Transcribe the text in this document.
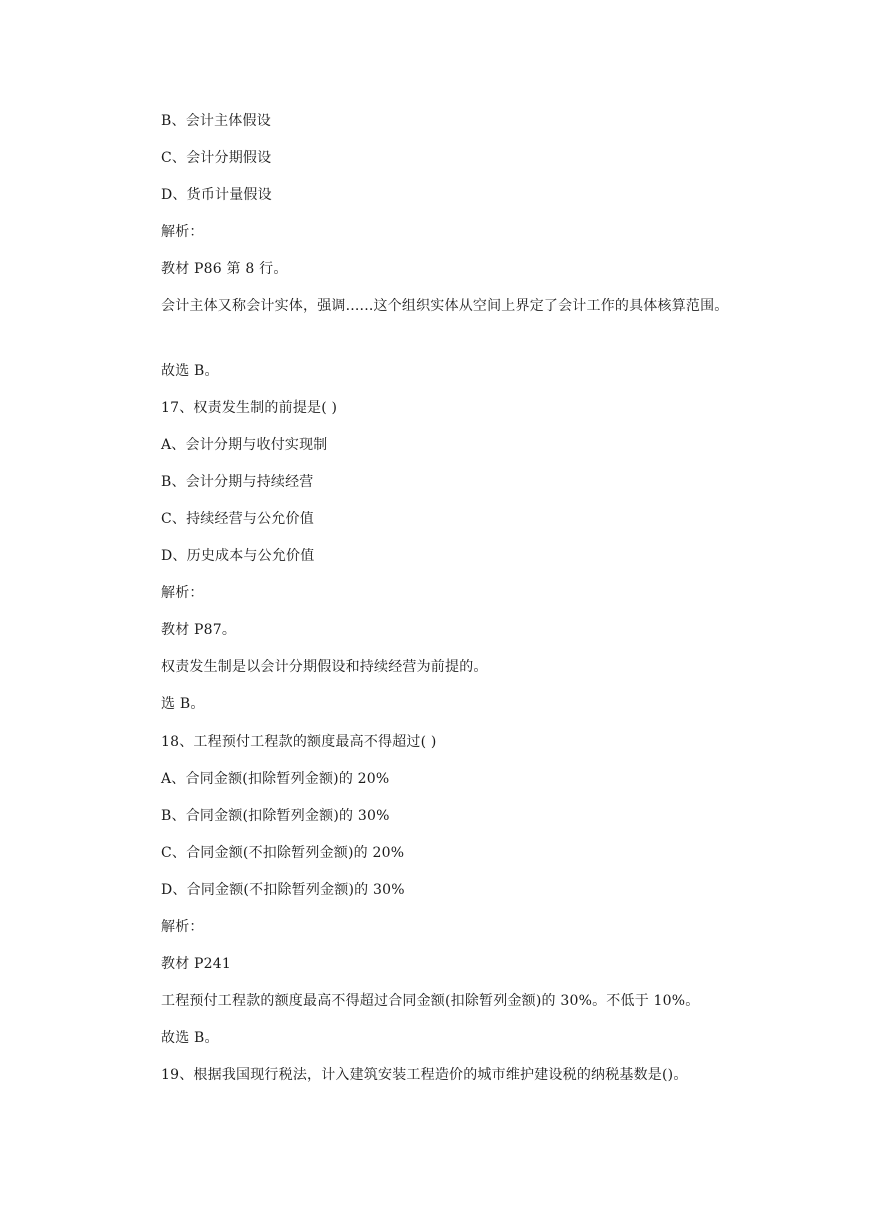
B、会计主体假设
C、会计分期假设
D、货币计量假设
解析：
教材 P86 第 8 行。
会计主体又称会计实体，强调......这个组织实体从空间上界定了会计工作的具体核算范围。
故选 B。
17、权责发生制的前提是( )
A、会计分期与收付实现制
B、会计分期与持续经营
C、持续经营与公允价值
D、历史成本与公允价值
解析：
教材 P87。
权责发生制是以会计分期假设和持续经营为前提的。
选 B。
18、工程预付工程款的额度最高不得超过( )
A、合同金额(扣除暂列金额)的 20%
B、合同金额(扣除暂列金额)的 30%
C、合同金额(不扣除暂列金额)的 20%
D、合同金额(不扣除暂列金额)的 30%
解析：
教材 P241
工程预付工程款的额度最高不得超过合同金额(扣除暂列金额)的 30%。不低于 10%。
故选 B。
19、根据我国现行税法，计入建筑安装工程造价的城市维护建设税的纳税基数是()。
